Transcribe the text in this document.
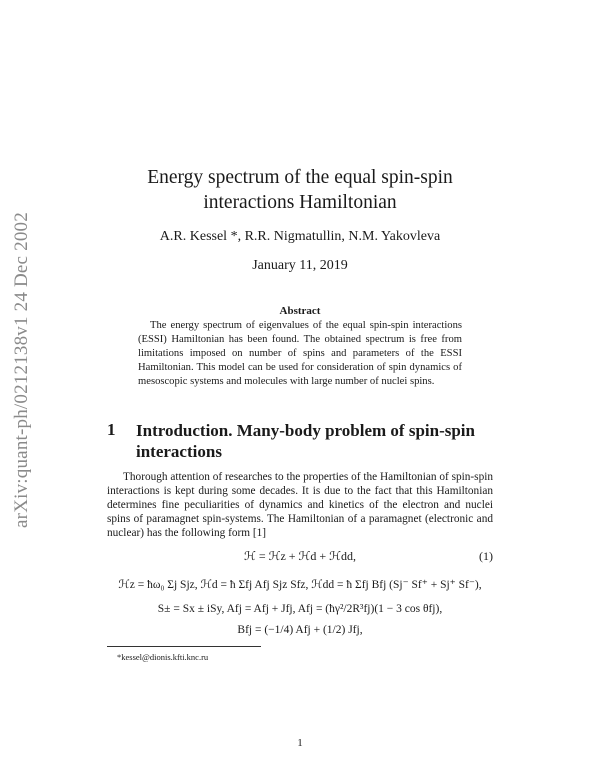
arXiv:quant-ph/0212138v1 24 Dec 2002
Energy spectrum of the equal spin-spin
interactions Hamiltonian
A.R. Kessel *, R.R. Nigmatullin, N.M. Yakovleva
January 11, 2019
Abstract
The energy spectrum of eigenvalues of the equal spin-spin interactions (ESSI) Hamiltonian has been found. The obtained spectrum is free from limitations imposed on number of spins and parameters of the ESSI Hamiltonian. This model can be used for consideration of spin dynamics of mesoscopic systems and molecules with large number of nuclei spins.
1 Introduction. Many-body problem of spin-spin interactions
Thorough attention of researches to the properties of the Hamiltonian of spin-spin interactions is kept during some decades. It is due to the fact that this Hamiltonian determines fine peculiarities of dynamics and kinetics of the electron and nuclei spins of paramagnet spin-systems. The Hamiltonian of a paramagnet (electronic and nuclear) has the following form [1]
ℋ = ℋz + ℋd + ℋdd,	(1)
ℋz = ħω₀ Σj Sjz, ℋd = ħ Σfj Afj Sjz Sfz, ℋdd = ħ Σfj Bfj (Sj⁻ Sf⁺ + Sj⁺ Sf⁻),
S± = Sx ± iSy, Afj = Afj + Jfj, Afj = (ħγ²/2R³fj)(1 − 3 cos θfj),
Bfj = (−1/4) Afj + (1/2) Jfj,
*kessel@dionis.kfti.knc.ru
1
